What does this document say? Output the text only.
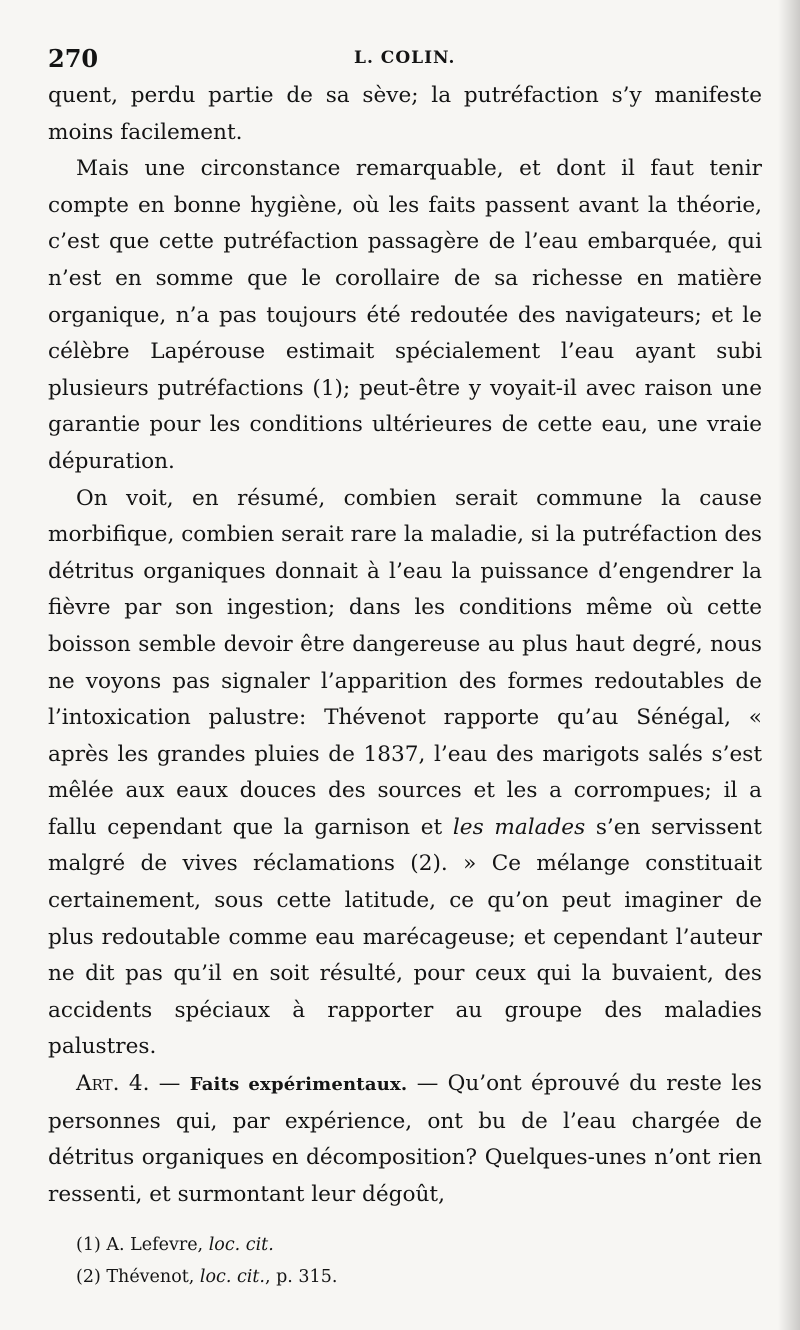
270	L. COLIN.

quent, perdu partie de sa sève; la putréfaction s’y manifeste moins facilement.

Mais une circonstance remarquable, et dont il faut tenir compte en bonne hygiène, où les faits passent avant la théorie, c’est que cette putréfaction passagère de l’eau embarquée, qui n’est en somme que le corollaire de sa richesse en matière organique, n’a pas toujours été redoutée des navigateurs; et le célèbre Lapérouse estimait spécialement l’eau ayant subi plusieurs putréfactions (1); peut-être y voyait-il avec raison une garantie pour les conditions ultérieures de cette eau, une vraie dépuration.

On voit, en résumé, combien serait commune la cause morbifique, combien serait rare la maladie, si la putréfaction des détritus organiques donnait à l’eau la puissance d’engendrer la fièvre par son ingestion; dans les conditions même où cette boisson semble devoir être dangereuse au plus haut degré, nous ne voyons pas signaler l’apparition des formes redoutables de l’intoxication palustre: Thévenot rapporte qu’au Sénégal, « après les grandes pluies de 1837, l’eau des marigots salés s’est mêlée aux eaux douces des sources et les a corrompues; il a fallu cependant que la garnison et les malades s’en servissent malgré de vives réclamations (2). » Ce mélange constituait certainement, sous cette latitude, ce qu’on peut imaginer de plus redoutable comme eau marécageuse; et cependant l’auteur ne dit pas qu’il en soit résulté, pour ceux qui la buvaient, des accidents spéciaux à rapporter au groupe des maladies palustres.

Art. 4. — Faits expérimentaux. — Qu’ont éprouvé du reste les personnes qui, par expérience, ont bu de l’eau chargée de détritus organiques en décomposition? Quelques-unes n’ont rien ressenti, et surmontant leur dégoût,

(1) A. Lefevre, loc. cit.

(2) Thévenot, loc. cit., p. 315.
